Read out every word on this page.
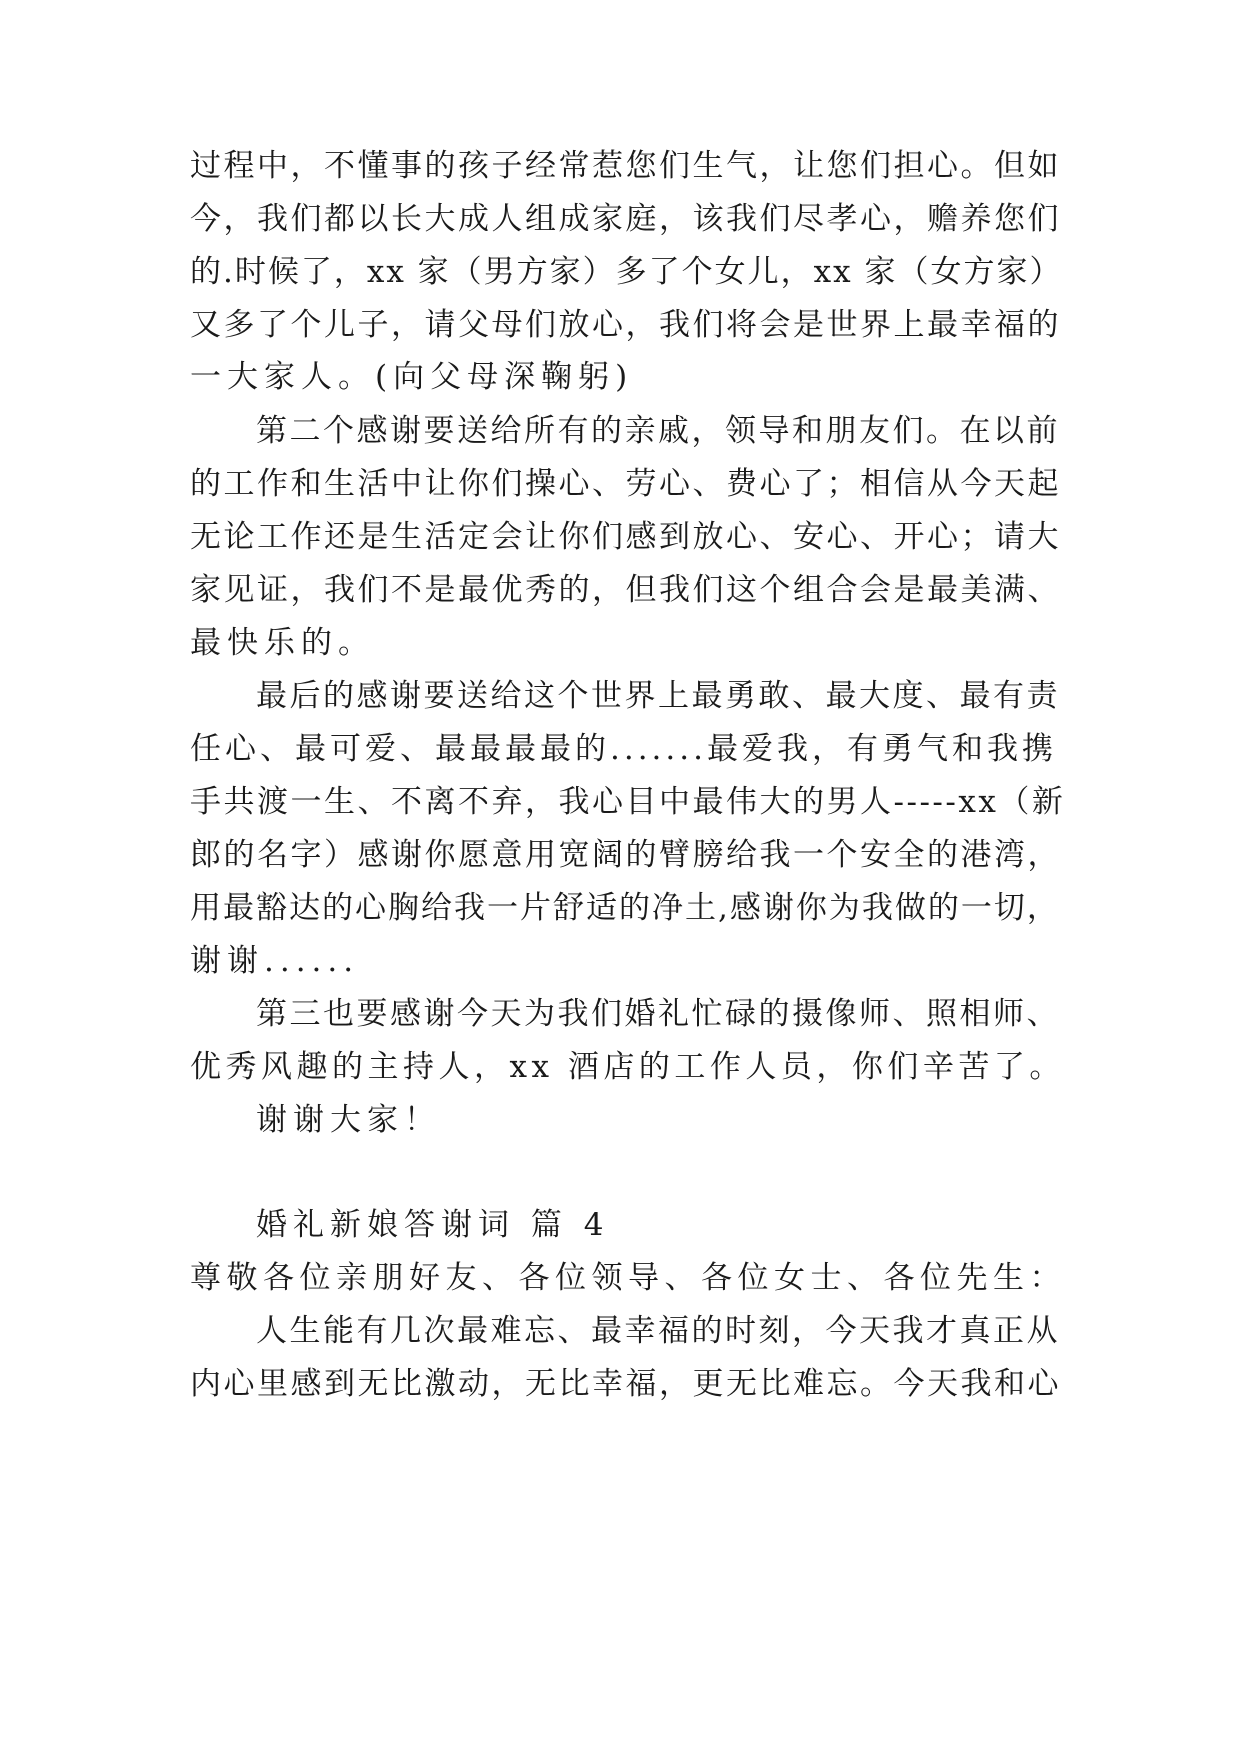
过程中，不懂事的孩子经常惹您们生气，让您们担心。但如
今，我们都以长大成人组成家庭，该我们尽孝心，赡养您们
的.时候了，xx 家（男方家）多了个女儿，xx 家（女方家）
又多了个儿子，请父母们放心，我们将会是世界上最幸福的
一大家人。(向父母深鞠躬)
第二个感谢要送给所有的亲戚，领导和朋友们。在以前
的工作和生活中让你们操心、劳心、费心了；相信从今天起
无论工作还是生活定会让你们感到放心、安心、开心；请大
家见证，我们不是最优秀的，但我们这个组合会是最美满、
最快乐的。
最后的感谢要送给这个世界上最勇敢、最大度、最有责
任心、最可爱、最最最最的.......最爱我，有勇气和我携
手共渡一生、不离不弃，我心目中最伟大的男人-----xx（新
郎的名字）感谢你愿意用宽阔的臂膀给我一个安全的港湾，
用最豁达的心胸给我一片舒适的净土,感谢你为我做的一切，
谢谢......
第三也要感谢今天为我们婚礼忙碌的摄像师、照相师、
优秀风趣的主持人，xx 酒店的工作人员，你们辛苦了。
谢谢大家！
婚礼新娘答谢词 篇 4
尊敬各位亲朋好友、各位领导、各位女士、各位先生：
人生能有几次最难忘、最幸福的时刻，今天我才真正从
内心里感到无比激动，无比幸福，更无比难忘。今天我和心
